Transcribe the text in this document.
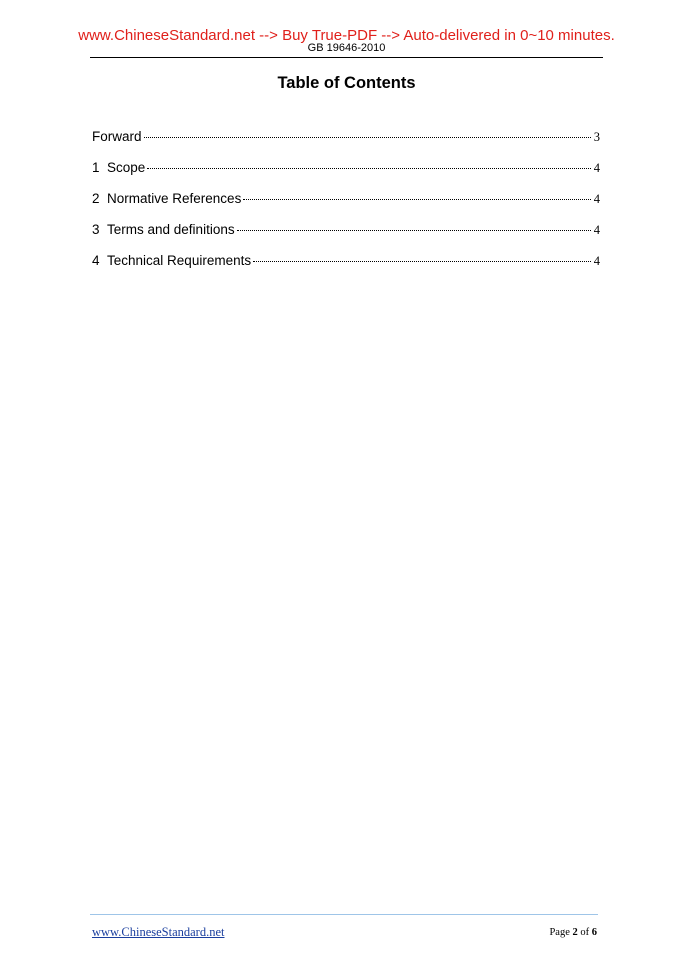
www.ChineseStandard.net --> Buy True-PDF --> Auto-delivered in 0~10 minutes.
GB 19646-2010
Table of Contents
Forward	3
1 Scope	4
2 Normative References	4
3 Terms and definitions	4
4 Technical Requirements	4
www.ChineseStandard.net	Page 2 of 6
